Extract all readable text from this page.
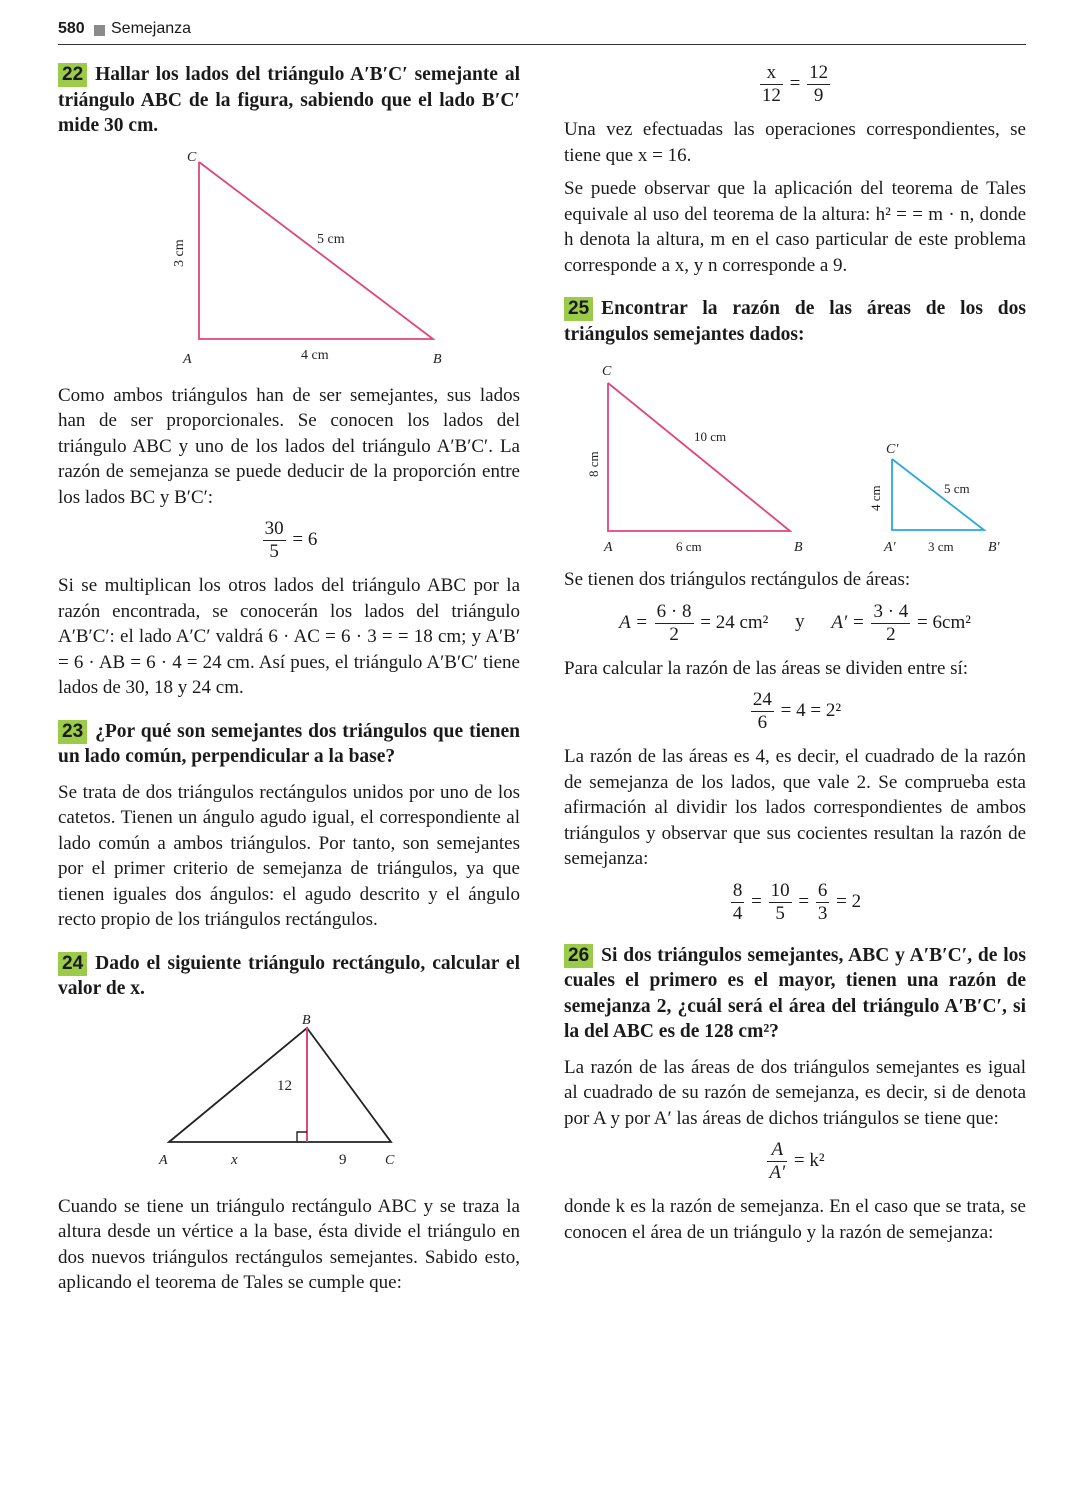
580 Semejanza
22 Hallar los lados del triángulo A′B′C′ semejante al triángulo ABC de la figura, sabiendo que el lado B′C′ mide 30 cm.
C
A	B
4 cm
5 cm
3 cm

Como ambos triángulos han de ser semejantes, sus lados han de ser proporcionales. Se conocen los lados del triángulo ABC y uno de los lados del triángulo A′B′C′. La razón de semejanza se puede deducir de la proporción entre los lados BC y B′C′:

$\frac{30}{5} = 6$

Si se multiplican los otros lados del triángulo ABC por la razón encontrada, se conocerán los lados del triángulo A′B′C′: el lado A′C′ valdrá 6 · AC = 6 · 3 = = 18 cm; y A′B′ = 6 · AB = 6 · 4 = 24 cm. Así pues, el triángulo A′B′C′ tiene lados de 30, 18 y 24 cm.

23 ¿Por qué son semejantes dos triángulos que tienen un lado común, perpendicular a la base?

Se trata de dos triángulos rectángulos unidos por uno de los catetos. Tienen un ángulo agudo igual, el correspondiente al lado común a ambos triángulos. Por tanto, son semejantes por el primer criterio de semejanza de triángulos, ya que tienen iguales dos ángulos: el agudo descrito y el ángulo recto propio de los triángulos rectángulos.

24 Dado el siguiente triángulo rectángulo, calcular el valor de x.
B
A	C
12
x	9

Cuando se tiene un triángulo rectángulo ABC y se traza la altura desde un vértice a la base, ésta divide el triángulo en dos nuevos triángulos rectángulos semejantes. Sabido esto, aplicando el teorema de Tales se cumple que:

$\frac{x}{12} = \frac{12}{9}$

Una vez efectuadas las operaciones correspondientes, se tiene que x = 16.

Se puede observar que la aplicación del teorema de Tales equivale al uso del teorema de la altura: h² = = m · n, donde h denota la altura, m en el caso particular de este problema corresponde a x, y n corresponde a 9.

25 Encontrar la razón de las áreas de los dos triángulos semejantes dados:
C
A	B
6 cm
10 cm
8 cm
C′
A′	B′
3 cm
5 cm
4 cm

Se tienen dos triángulos rectángulos de áreas:

$A = \frac{6 \cdot 8}{2} = 24$ cm² y $A' = \frac{3 \cdot 4}{2} = 6cm^2$

Para calcular la razón de las áreas se dividen entre sí:

$\frac{24}{6} = 4 = 2^2$

La razón de las áreas es 4, es decir, el cuadrado de la razón de semejanza de los lados, que vale 2. Se comprueba esta afirmación al dividir los lados correspondientes de ambos triángulos y observar que sus cocientes resultan la razón de semejanza:

$\frac{8}{4} = \frac{10}{5} = \frac{6}{3} = 2$
26 Si dos triángulos semejantes, ABC y A′B′C′, de los cuales el primero es el mayor, tienen una razón de semejanza 2, ¿cuál será el área del triángulo A′B′C′, si la del ABC es de 128 cm²?

La razón de las áreas de dos triángulos semejantes es igual al cuadrado de su razón de semejanza, es decir, si de denota por A y por A′ las áreas de dichos triángulos se tiene que:

$\frac{A}{A'} = k^2$

donde k es la razón de semejanza. En el caso que se trata, se conocen el área de un triángulo y la razón de semejanza:
